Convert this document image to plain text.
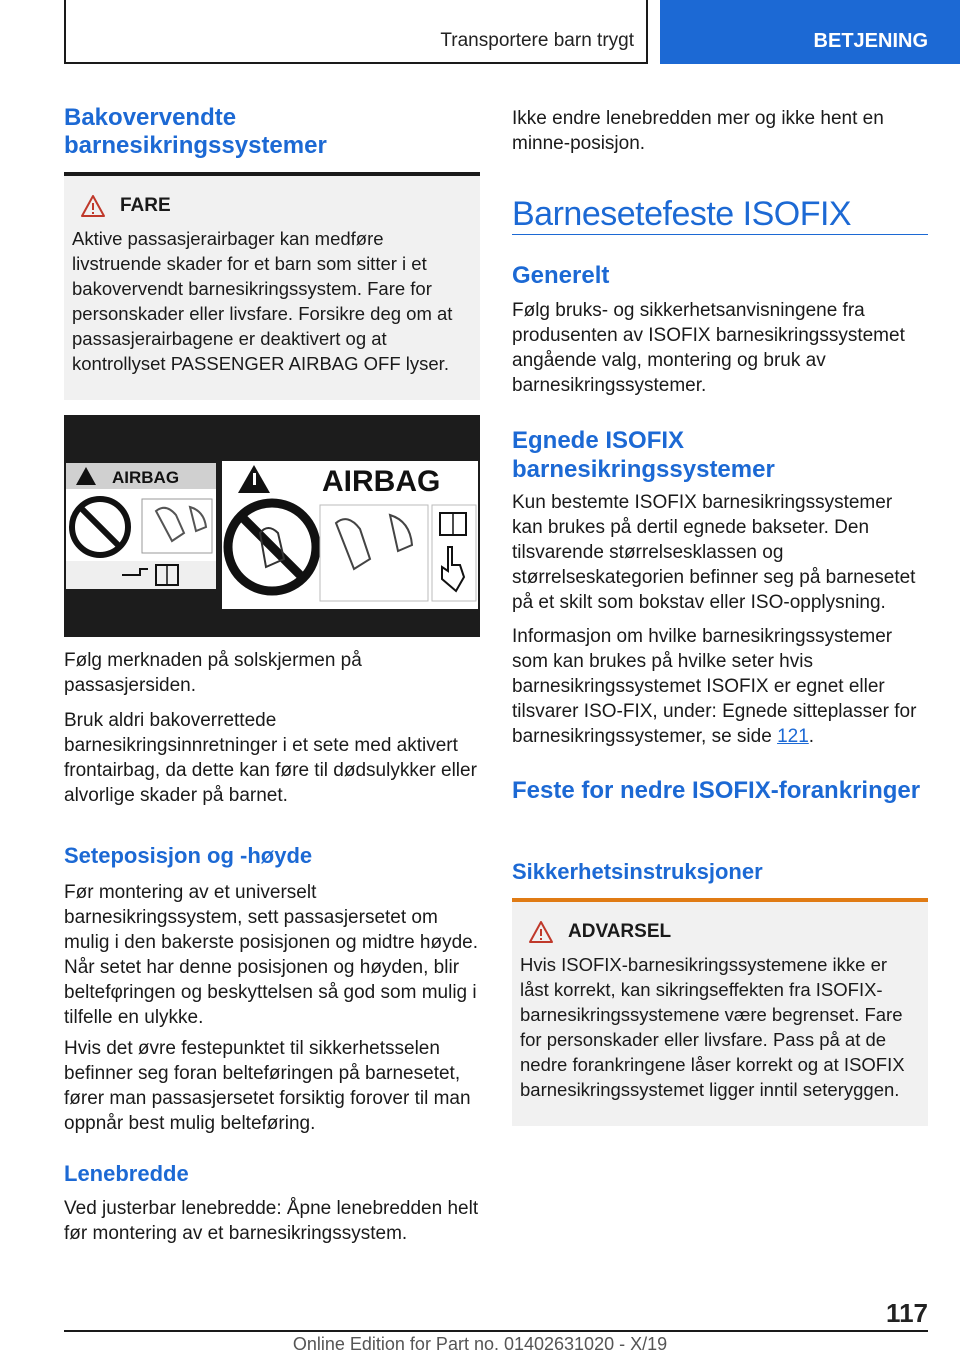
Transportere barn trygt	BETJENING
Bakovervendte barnesikringssystemer
FARE

Aktive passasjerairbager kan medføre livstruende skader for et barn som sitter i et bakovervendt barnesikringssystem. Fare for personskader eller livsfare. Forsikre deg om at passasjerairbagene er deaktivert og at kontrollyset PASSENGER AIRBAG OFF lyser.

AIRBAG	AIRBAG

Følg merknaden på solskjermen på passasjersiden.

Bruk aldri bakoverrettede barnesikringsinnretninger i et sete med aktivert frontairbag, da dette kan føre til dødsulykker eller alvorlige skader på barnet.

Seteposisjon og -høyde

Før montering av et universelt barnesikringssystem, sett passasjersetet om mulig i den bakerste posisjonen og midtre høyde. Når setet har denne posisjonen og høyden, blir beltefφringen og beskyttelsen så god som mulig i tilfelle en ulykke.

Hvis det øvre festepunktet til sikkerhetsselen befinner seg foran belteføringen på barnesetet, fører man passasjersetet forsiktig forover til man oppnår best mulig belteføring.

Lenebredde

Ved justerbar lenebredde: Åpne lenebredden helt før montering av et barnesikringssystem.

Ikke endre lenebredden mer og ikke hent en minne-posisjon.

Barnesetefeste ISOFIX
Generelt

Følg bruks- og sikkerhetsanvisningene fra produsenten av ISOFIX barnesikringssystemet angående valg, montering og bruk av barnesikringssystemer.

Egnede ISOFIX barnesikringssystemer

Kun bestemte ISOFIX barnesikringssystemer kan brukes på dertil egnede bakseter. Den tilsvarende størrelsesklassen og størrelseskategorien befinner seg på barnesetet på et skilt som bokstav eller ISO-opplysning.

Informasjon om hvilke barnesikringssystemer som kan brukes på hvilke seter hvis barnesikringssystemet ISOFIX er egnet eller tilsvarer ISO-FIX, under: Egnede sitteplasser for barnesikringssystemer, se side 121.

Feste for nedre ISOFIX-forankringer
Sikkerhetsinstruksjoner
ADVARSEL

Hvis ISOFIX-barnesikringssystemene ikke er låst korrekt, kan sikringseffekten fra ISOFIX-barnesikringssystemene være begrenset. Fare for personskader eller livsfare. Pass på at de nedre forankringene låser korrekt og at ISOFIX barnesikringssystemet ligger inntil seteryggen.

117
Online Edition for Part no. 01402631020 - X/19
